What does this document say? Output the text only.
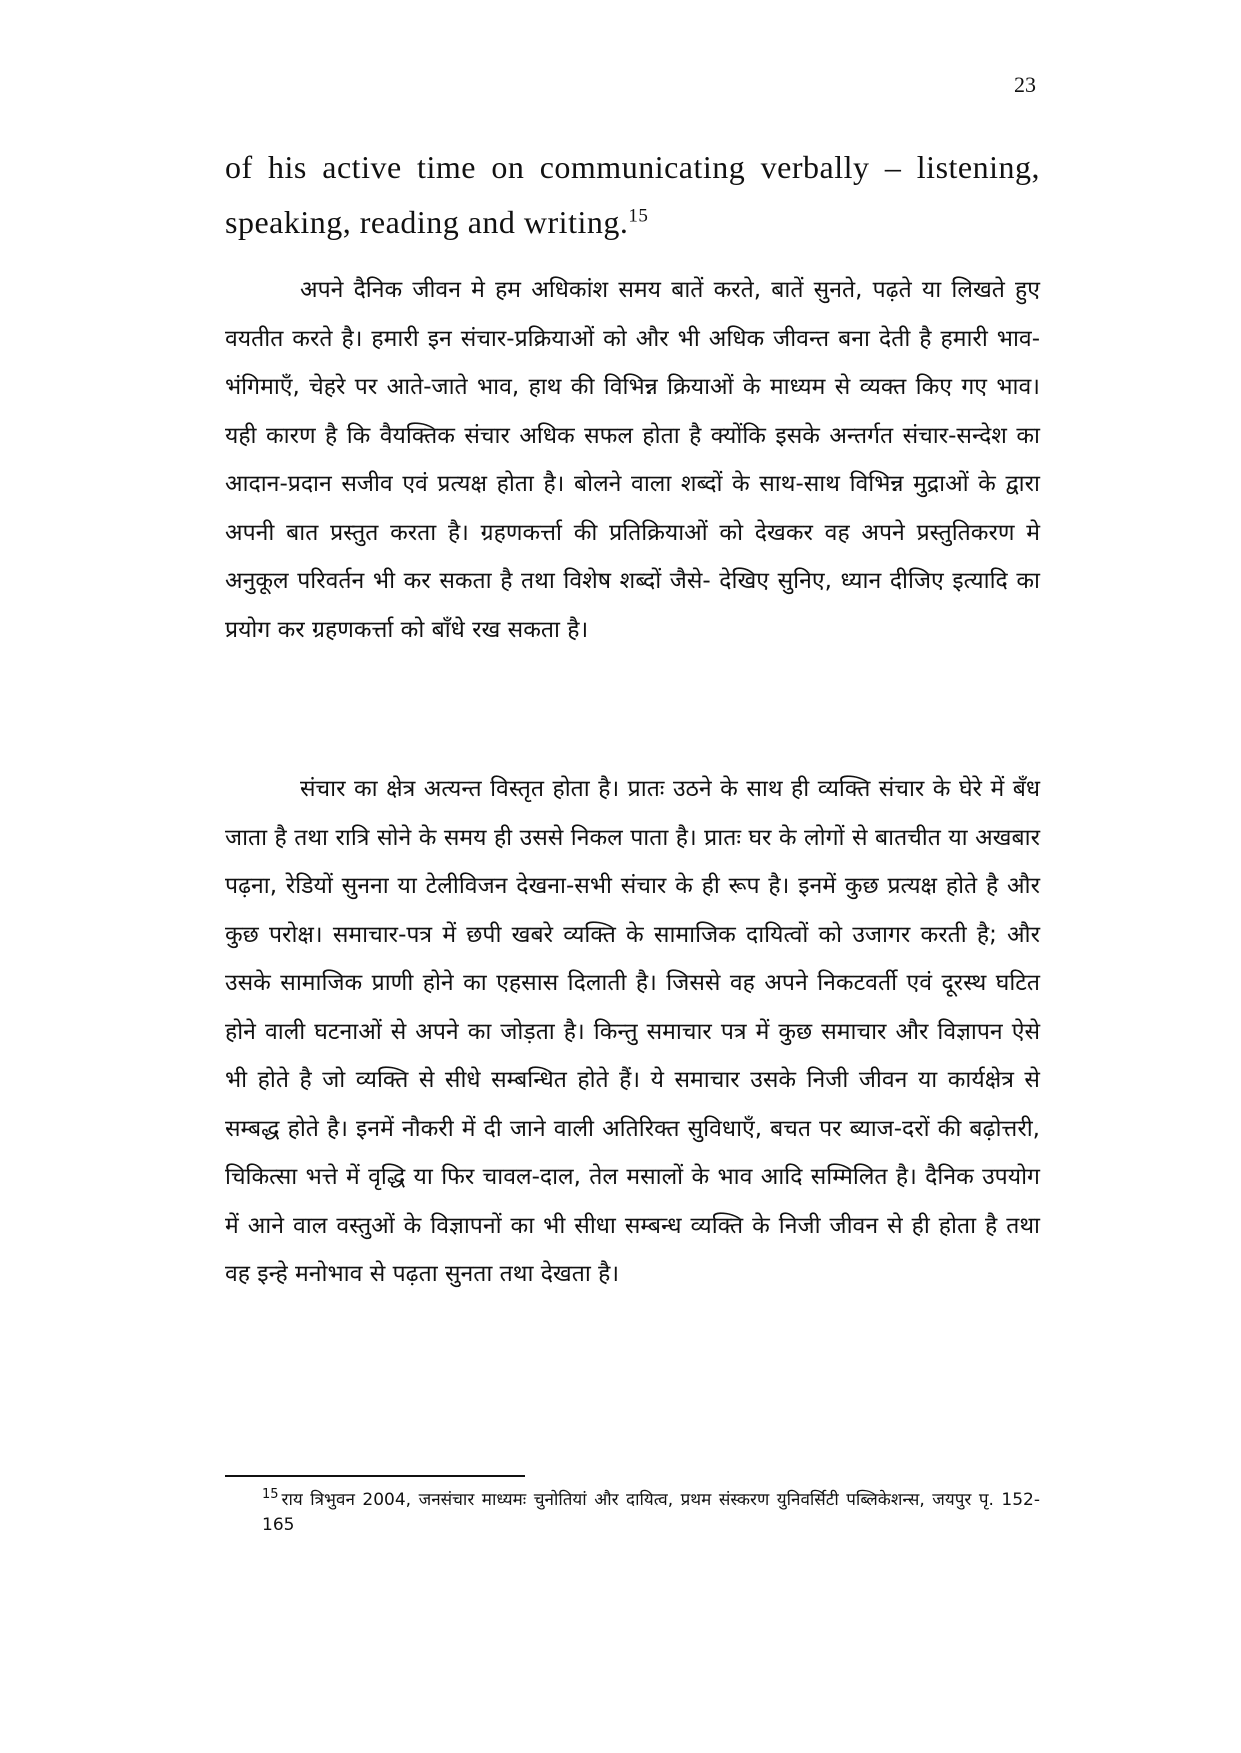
23
of his active time on communicating verbally – listening, speaking, reading and writing.$^{15}$

अपने दैनिक जीवन मे हम अधिकांश समय बातें करते, बातें सुनते, पढ़ते या लिखते हुए वयतीत करते है। हमारी इन संचार-प्रक्रियाओं को और भी अधिक जीवन्त बना देती है हमारी भाव-भंगिमाएँ, चेहरे पर आते-जाते भाव, हाथ की विभिन्न क्रियाओं के माध्यम से व्यक्त किए गए भाव। यही कारण है कि वैयक्तिक संचार अधिक सफल होता है क्योंकि इसके अन्तर्गत संचार-सन्देश का आदान-प्रदान सजीव एवं प्रत्यक्ष होता है। बोलने वाला शब्दों के साथ-साथ विभिन्न मुद्राओं के द्वारा अपनी बात प्रस्तुत करता है। ग्रहणकर्त्ता की प्रतिक्रियाओं को देखकर वह अपने प्रस्तुतिकरण मे अनुकूल परिवर्तन भी कर सकता है तथा विशेष शब्दों जैसे- देखिए सुनिए, ध्यान दीजिए इत्यादि का प्रयोग कर ग्रहणकर्त्ता को बाँधे रख सकता है।

संचार का क्षेत्र अत्यन्त विस्तृत होता है। प्रातः उठने के साथ ही व्यक्ति संचार के घेरे में बँध जाता है तथा रात्रि सोने के समय ही उससे निकल पाता है। प्रातः घर के लोगों से बातचीत या अखबार पढ़ना, रेडियों सुनना या टेलीविजन देखना-सभी संचार के ही रूप है। इनमें कुछ प्रत्यक्ष होते है और कुछ परोक्ष। समाचार-पत्र में छपी खबरे व्यक्ति के सामाजिक दायित्वों को उजागर करती है; और उसके सामाजिक प्राणी होने का एहसास दिलाती है। जिससे वह अपने निकटवर्ती एवं दूरस्थ घटित होने वाली घटनाओं से अपने का जोड़ता है। किन्तु समाचार पत्र में कुछ समाचार और विज्ञापन ऐसे भी होते है जो व्यक्ति से सीधे सम्बन्धित होते हैं। ये समाचार उसके निजी जीवन या कार्यक्षेत्र से सम्बद्ध होते है। इनमें नौकरी में दी जाने वाली अतिरिक्त सुविधाएँ, बचत पर ब्याज-दरों की बढ़ोत्तरी, चिकित्सा भत्ते में वृद्धि या फिर चावल-दाल, तेल मसालों के भाव आदि सम्मिलित है। दैनिक उपयोग में आने वाल वस्तुओं के विज्ञापनों का भी सीधा सम्बन्ध व्यक्ति के निजी जीवन से ही होता है तथा वह इन्हे मनोभाव से पढ़ता सुनता तथा देखता है।

$^{15}$ राय त्रिभुवन 2004, जनसंचार माध्यमः चुनोतियां और दायित्व, प्रथम संस्करण युनिवर्सिटी पब्लिकेशन्स, जयपुर पृ. 152-165
